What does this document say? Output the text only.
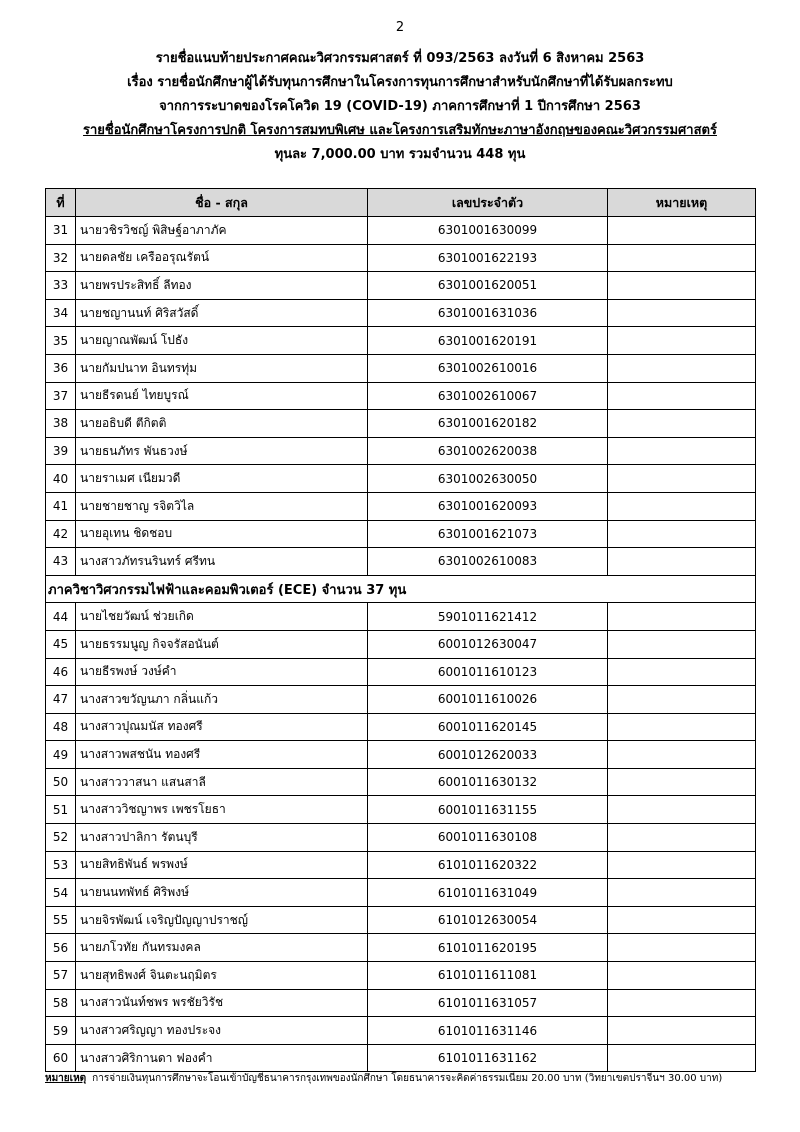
2
รายชื่อแนบท้ายประกาศคณะวิศวกรรมศาสตร์ ที่ 093/2563 ลงวันที่ 6 สิงหาคม 2563
เรื่อง รายชื่อนักศึกษาผู้ได้รับทุนการศึกษาในโครงการทุนการศึกษาสำหรับนักศึกษาที่ได้รับผลกระทบ
จากการระบาดของโรคโควิด 19 (COVID-19) ภาคการศึกษาที่ 1 ปีการศึกษา 2563
รายชื่อนักศึกษาโครงการปกติ โครงการสมทบพิเศษ และโครงการเสริมทักษะภาษาอังกฤษของคณะวิศวกรรมศาสตร์
ทุนละ 7,000.00 บาท รวมจำนวน 448 ทุน
ที่	ชื่อ - สกุล	เลขประจำตัว	หมายเหตุ
31	นายวชิรวิชญ์ พิสิษฐ์อาภาภัค	6301001630099	
32	นายดลชัย เครืออรุณรัตน์	6301001622193	
33	นายพรประสิทธิ์ ลีทอง	6301001620051	
34	นายชญานนท์ ศิริสวัสดิ์	6301001631036	
35	นายญาณพัฒน์ โปธัง	6301001620191	
36	นายกัมปนาท อินทรทุ่ม	6301002610016	
37	นายธีรดนย์ ไทยบูรณ์	6301002610067	
38	นายอธิบดี ตีกิตติ	6301001620182	
39	นายธนภัทร พันธวงษ์	6301002620038	
40	นายราเมศ เนียมวดี	6301002630050	
41	นายชายชาญ รจิตวิไล	6301001620093	
42	นายอุเทน ชิดชอบ	6301001621073	
43	นางสาวภัทรนรินทร์ ศรีทน	6301002610083	
ภาควิชาวิศวกรรมไฟฟ้าและคอมพิวเตอร์ (ECE) จำนวน 37 ทุน			
44	นายไชยวัฒน์ ช่วยเกิด	5901011621412	
45	นายธรรมนูญ กิจจรัสอนันต์	6001012630047	
46	นายธีรพงษ์ วงษ์คำ	6001011610123	
47	นางสาวขวัญนภา กลิ่นแก้ว	6001011610026	
48	นางสาวปุณมนัส ทองศรี	6001011620145	
49	นางสาวพสชนัน ทองศรี	6001012620033	
50	นางสาววาสนา แสนสาลี	6001011630132	
51	นางสาววิชญาพร เพชรโยธา	6001011631155	
52	นางสาวปาลิกา รัตนบุรี	6001011630108	
53	นายสิทธิพันธ์ พรพงษ์	6101011620322	
54	นายนนทพัทธ์ ศิริพงษ์	6101011631049	
55	นายจิรพัฒน์ เจริญปัญญาปราชญ์	6101012630054	
56	นายภโวทัย กันทรมงคล	6101011620195	
57	นายสุทธิพงศ์ จินตะนฤมิตร	6101011611081	
58	นางสาวนันท์ชพร พรชัยวิรัช	6101011631057	
59	นางสาวศริญญา ทองประจง	6101011631146	
60	นางสาวศิริกานดา ฟองคำ	6101011631162	
หมายเหตุ การจ่ายเงินทุนการศึกษาจะโอนเข้าบัญชีธนาคารกรุงเทพของนักศึกษา โดยธนาคารจะคิดค่าธรรมเนียม 20.00 บาท (วิทยาเขตปราจีนฯ 30.00 บาท)
